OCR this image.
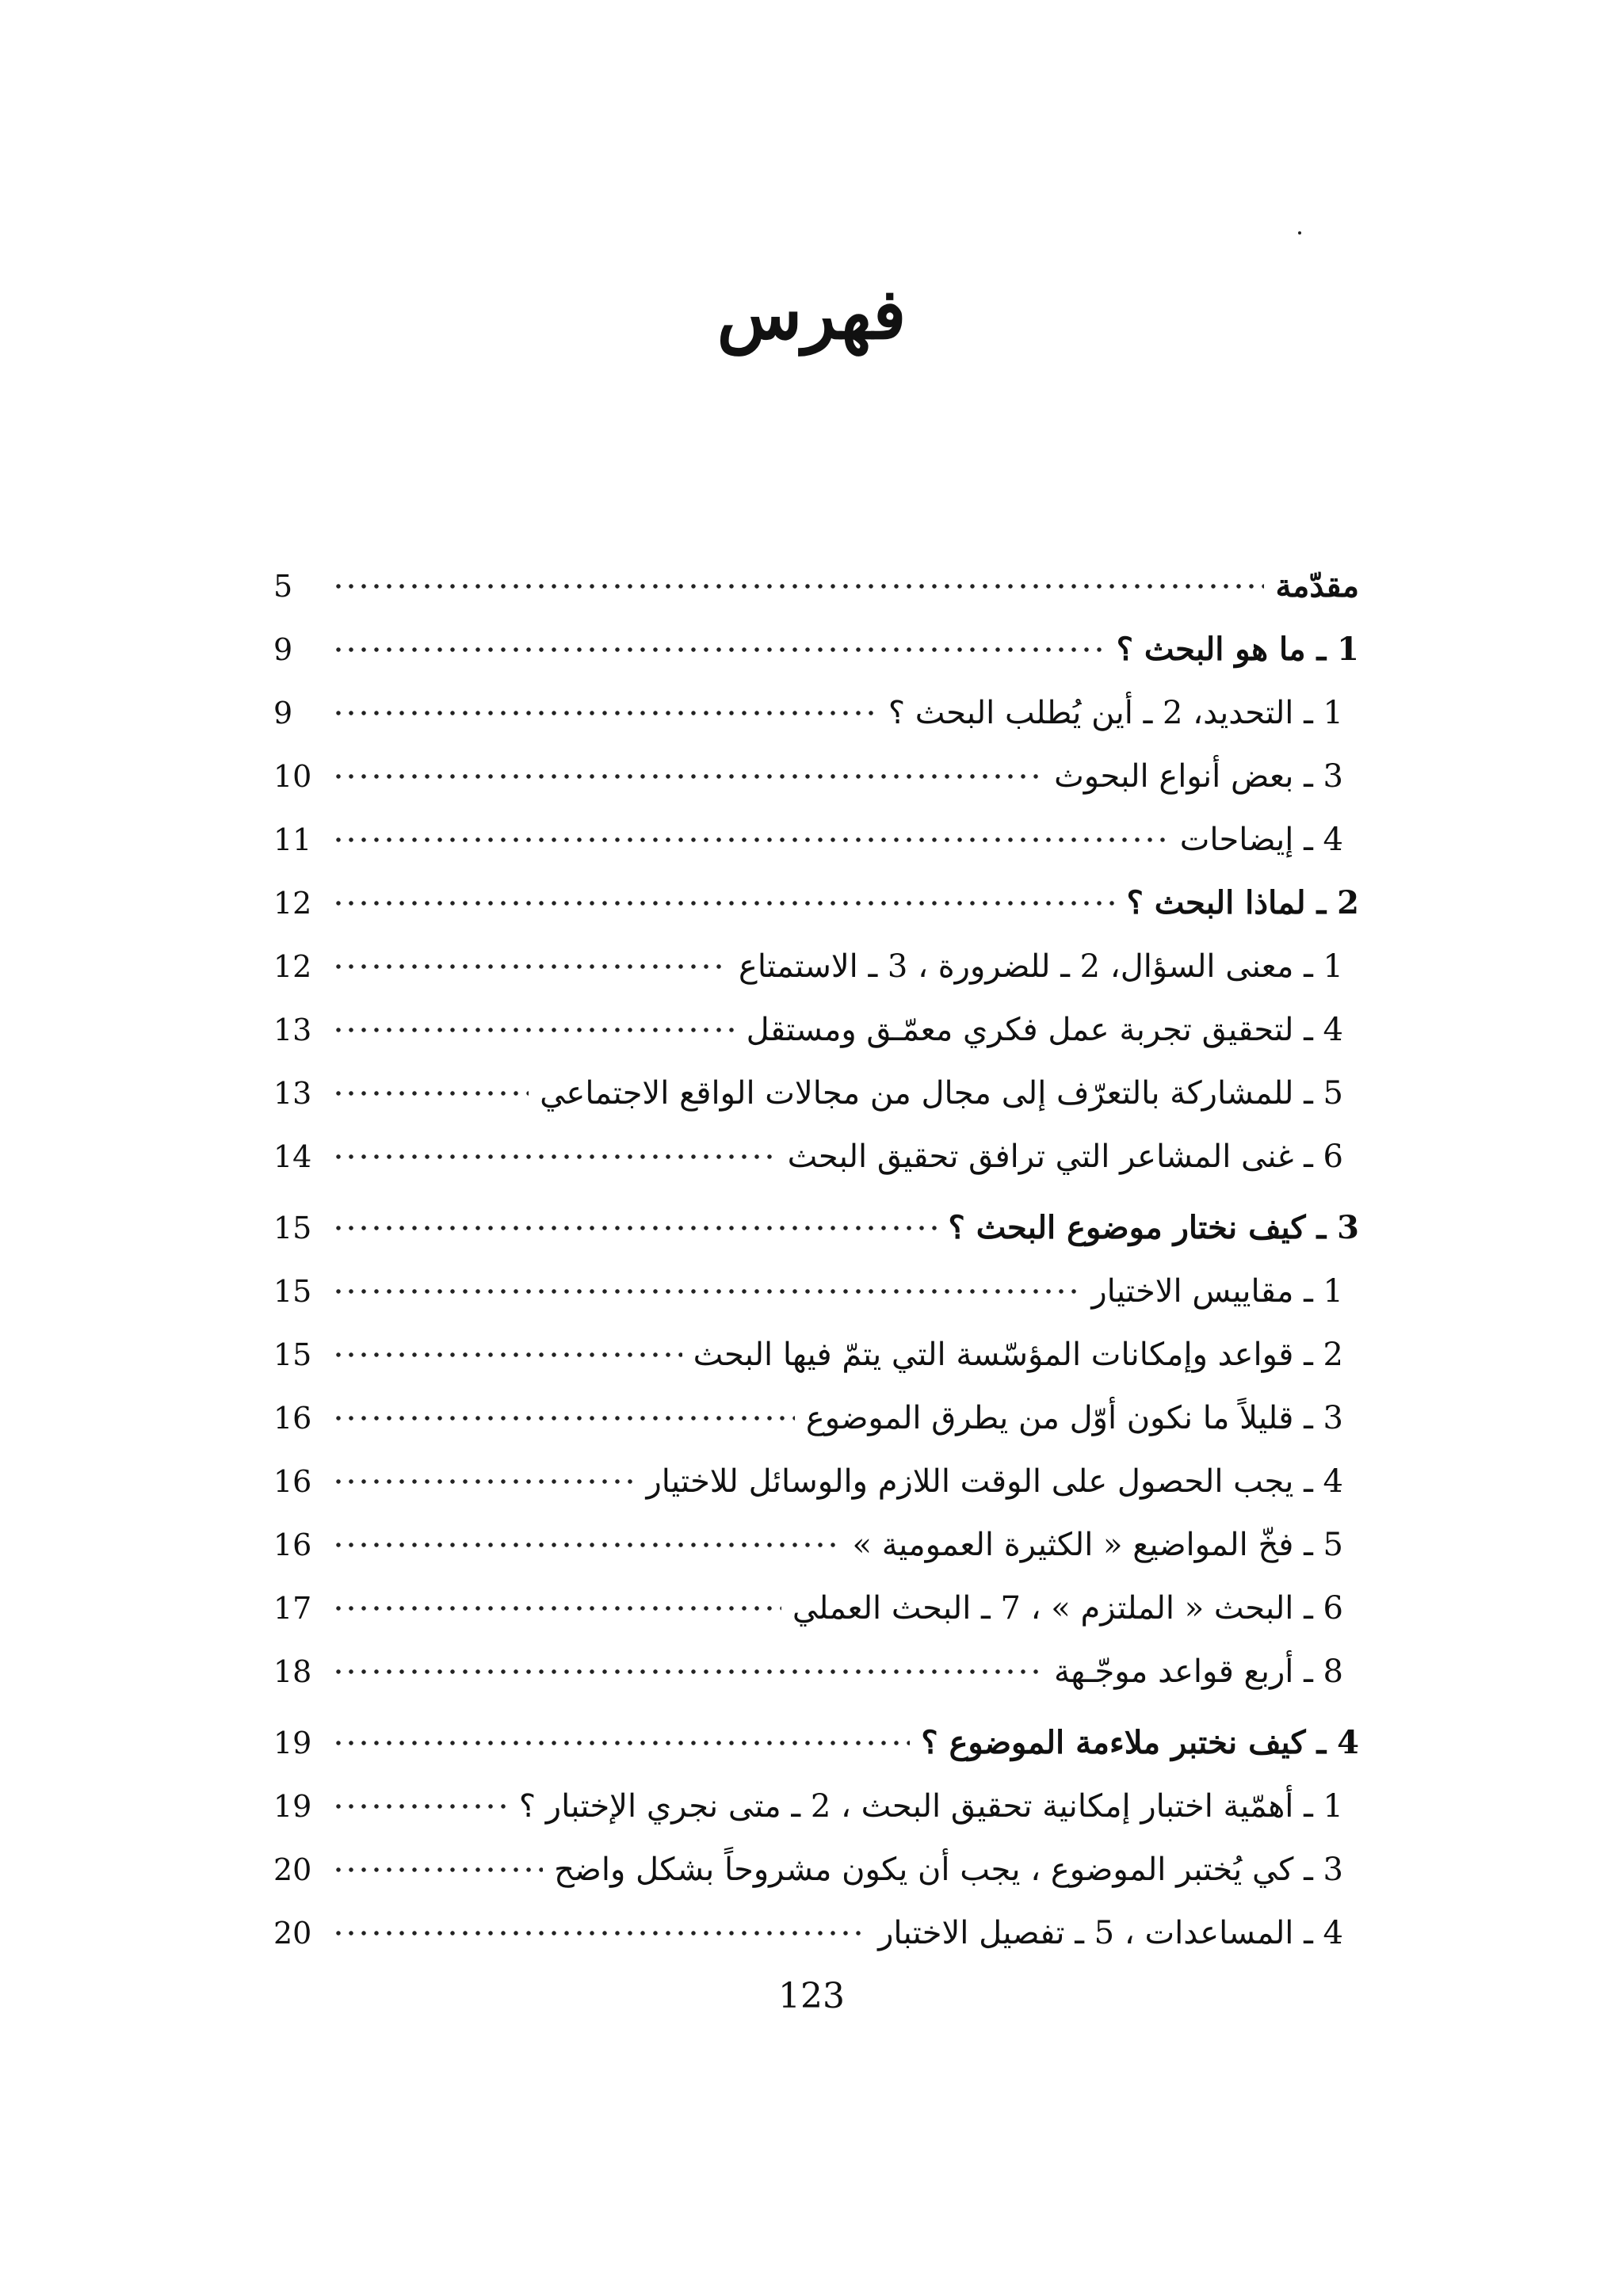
فهرس
مقدّمة
5
1 ـ ما هو البحث ؟
9
1 ـ التحديد، 2 ـ أين يُطلب البحث ؟
9
3 ـ بعض أنواع البحوث
10
4 ـ إيضاحات
11
2 ـ لماذا البحث ؟
12
1 ـ معنى السؤال، 2 ـ للضرورة ، 3 ـ الاستمتاع
12
4 ـ لتحقيق تجربة عمل فكري معمّـق ومستقل
13
5 ـ للمشاركة بالتعرّف إلى مجال من مجالات الواقع الاجتماعي
13
6 ـ غنى المشاعر التي ترافق تحقيق البحث
14
3 ـ كيف نختار موضوع البحث ؟
15
1 ـ مقاييس الاختيار
15
2 ـ قواعد وإمكانات المؤسّسة التي يتمّ فيها البحث
15
3 ـ قليلاً ما نكون أوّل من يطرق الموضوع
16
4 ـ يجب الحصول على الوقت اللازم والوسائل للاختيار
16
5 ـ فخّ المواضيع « الكثيرة العمومية »
16
6 ـ البحث « الملتزم » ، 7 ـ البحث العملي
17
8 ـ أربع قواعد موجّـهة
18
4 ـ كيف نختبر ملاءمة الموضوع ؟
19
1 ـ أهمّية اختبار إمكانية تحقيق البحث ، 2 ـ متى نجري الإختبار ؟
19
3 ـ كي يُختبر الموضوع ، يجب أن يكون مشروحاً بشكل واضح
20
4 ـ المساعدات ، 5 ـ تفصيل الاختبار
20
123
